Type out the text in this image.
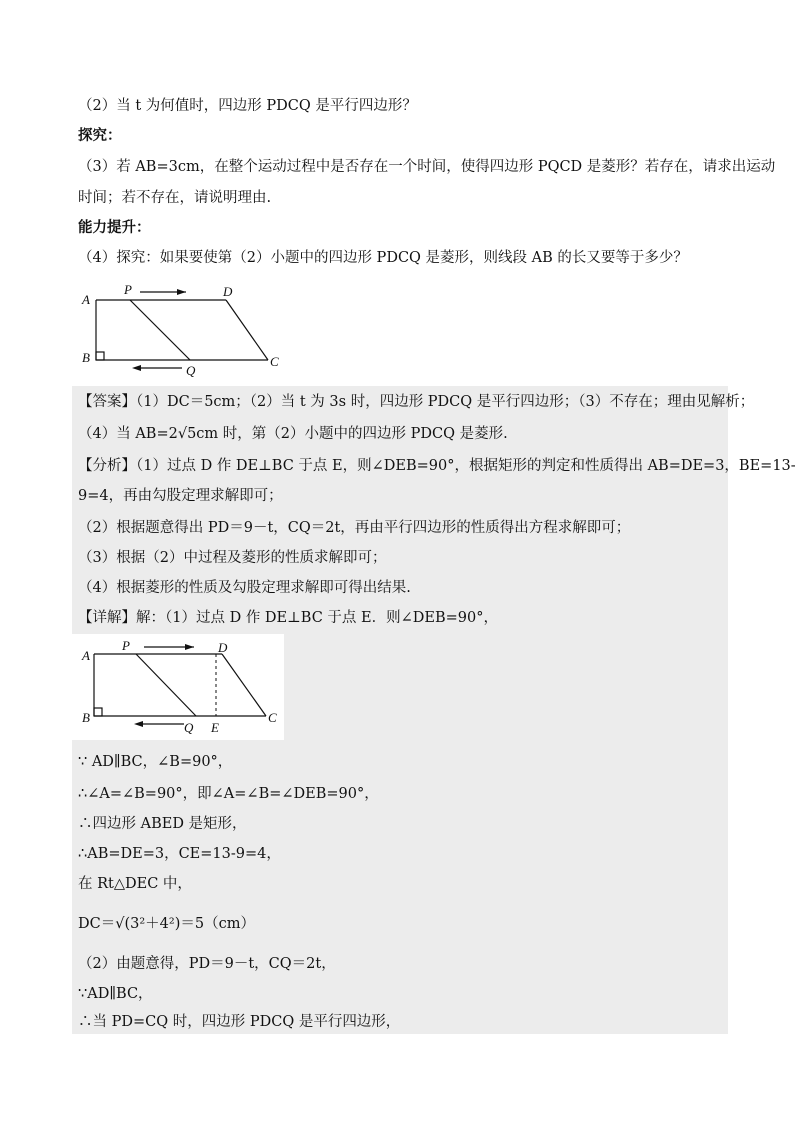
（2）当 t 为何值时，四边形 PDCQ 是平行四边形？
探究：
（3）若 AB=3cm，在整个运动过程中是否存在一个时间，使得四边形 PQCD 是菱形？若存在，请求出运动
时间；若不存在，请说明理由.
能力提升：
（4）探究：如果要使第（2）小题中的四边形 PDCQ 是菱形，则线段 AB 的长又要等于多少？
A
P	D
B
Q
C
【答案】（1）DC＝5cm；（2）当 t 为 3s 时，四边形 PDCQ 是平行四边形；（3）不存在；理由见解析；
（4）当 AB=2√5cm 时，第（2）小题中的四边形 PDCQ 是菱形.
【分析】（1）过点 D 作 DE⊥BC 于点 E，则∠DEB=90°，根据矩形的判定和性质得出 AB=DE=3，BE=13-
9=4，再由勾股定理求解即可；
（2）根据题意得出 PD＝9－t，CQ＝2t，再由平行四边形的性质得出方程求解即可；
（3）根据（2）中过程及菱形的性质求解即可；
（4）根据菱形的性质及勾股定理求解即可得出结果.
【详解】解：（1）过点 D 作 DE⊥BC 于点 E．则∠DEB=90°，
A
P	D
B
Q E
C
∵ AD∥BC，∠B=90°，
∴∠A=∠B=90°，即∠A=∠B=∠DEB=90°，
∴四边形 ABED 是矩形，
∴AB=DE=3，CE=13-9=4，
在 Rt△DEC 中，
DC＝√(3²＋4²)＝5（cm）
（2）由题意得，PD＝9－t，CQ＝2t，
∵AD∥BC，
∴当 PD=CQ 时，四边形 PDCQ 是平行四边形，
